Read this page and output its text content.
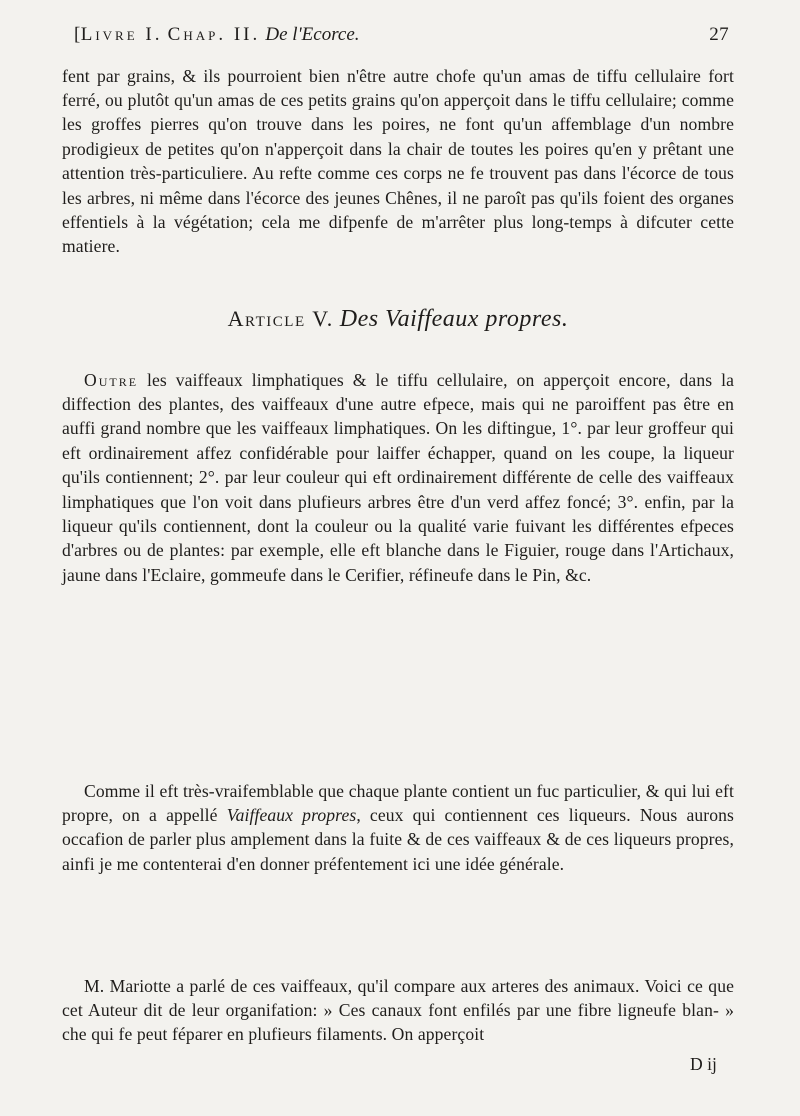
[Livre I. Chap. II. De l'Ecorce.	27

fent par grains, & ils pourroient bien n'être autre chofe qu'un amas de tiffu cellulaire fort ferré, ou plutôt qu'un amas de ces petits grains qu'on apperçoit dans le tiffu cellulaire; comme les groffes pierres qu'on trouve dans les poires, ne font qu'un affemblage d'un nombre prodigieux de petites qu'on n'apperçoit dans la chair de toutes les poires qu'en y prêtant une attention très-particuliere. Au refte comme ces corps ne fe trouvent pas dans l'écorce de tous les arbres, ni même dans l'écorce des jeunes Chênes, il ne paroît pas qu'ils foient des organes effentiels à la végétation; cela me difpenfe de m'arrêter plus long-temps à difcuter cette matiere.

Article V. Des Vaiffeaux propres.

Outre les vaiffeaux limphatiques & le tiffu cellulaire, on apperçoit encore, dans la diffection des plantes, des vaiffeaux d'une autre efpece, mais qui ne paroiffent pas être en auffi grand nombre que les vaiffeaux limphatiques. On les diftingue, 1°. par leur groffeur qui eft ordinairement affez confidérable pour laiffer échapper, quand on les coupe, la liqueur qu'ils contiennent; 2°. par leur couleur qui eft ordinairement différente de celle des vaiffeaux limphatiques que l'on voit dans plufieurs arbres être d'un verd affez foncé; 3°. enfin, par la liqueur qu'ils contiennent, dont la couleur ou la qualité varie fuivant les différentes efpeces d'arbres ou de plantes: par exemple, elle eft blanche dans le Figuier, rouge dans l'Artichaux, jaune dans l'Eclaire, gommeufe dans le Cerifier, réfineufe dans le Pin, &c.

Comme il eft très-vraifemblable que chaque plante contient un fuc particulier, & qui lui eft propre, on a appellé Vaiffeaux propres, ceux qui contiennent ces liqueurs. Nous aurons occafion de parler plus amplement dans la fuite & de ces vaiffeaux & de ces liqueurs propres, ainfi je me contenterai d'en donner préfentement ici une idée générale.

M. Mariotte a parlé de ces vaiffeaux, qu'il compare aux arteres des animaux. Voici ce que cet Auteur dit de leur organifation: » Ces canaux font enfilés par une fibre ligneufe blan- » che qui fe peut féparer en plufieurs filaments. On apperçoit

D ij
